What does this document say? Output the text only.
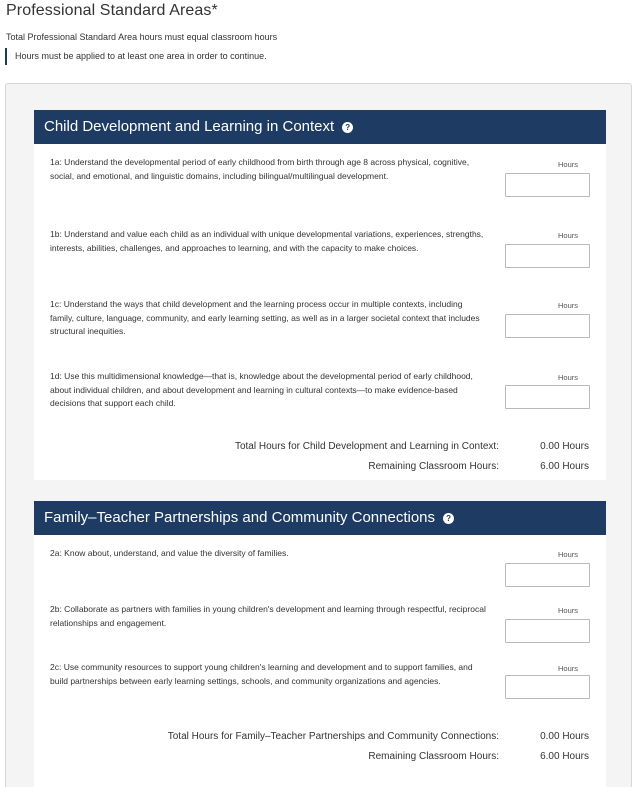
Professional Standard Areas*
Total Professional Standard Area hours must equal classroom hours
Hours must be applied to at least one area in order to continue.
Child Development and Learning in Context	?
1a: Understand the developmental period of early childhood from birth through age 8 across physical, cognitive, social, and emotional, and linguistic domains, including bilingual/multilingual development.
Hours
1b: Understand and value each child as an individual with unique developmental variations, experiences, strengths, interests, abilities, challenges, and approaches to learning, and with the capacity to make choices.
Hours
1c: Understand the ways that child development and the learning process occur in multiple contexts, including family, culture, language, community, and early learning setting, as well as in a larger societal context that includes structural inequities.
Hours
1d: Use this multidimensional knowledge—that is, knowledge about the developmental period of early childhood, about individual children, and about development and learning in cultural contexts—to make evidence-based decisions that support each child.
Hours
Total Hours for Child Development and Learning in Context:	0.00 Hours
Remaining Classroom Hours:	6.00 Hours
Family–Teacher Partnerships and Community Connections	?
2a: Know about, understand, and value the diversity of families.	Hours
2b: Collaborate as partners with families in young children's development and learning through respectful, reciprocal relationships and engagement.
Hours
2c: Use community resources to support young children's learning and development and to support families, and build partnerships between early learning settings, schools, and community organizations and agencies.
Hours
Total Hours for Family–Teacher Partnerships and Community Connections:	0.00 Hours
Remaining Classroom Hours:	6.00 Hours
